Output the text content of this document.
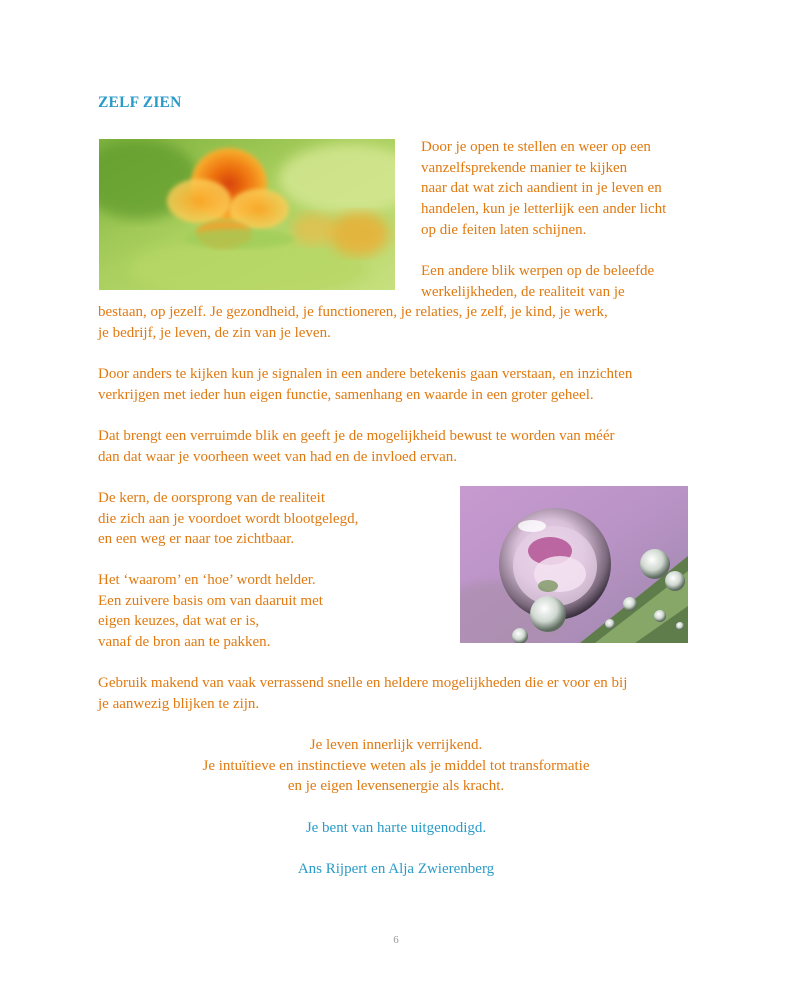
ZELF ZIEN

Door je open te stellen en weer op een
vanzelfsprekende manier te kijken
naar dat wat zich aandient in je leven en
handelen, kun je letterlijk een ander licht
op die feiten laten schijnen.

Een andere blik werpen op de beleefde
werkelijkheden, de realiteit van je

bestaan, op jezelf. Je gezondheid, je functioneren, je relaties, je zelf, je kind, je werk,
je bedrijf, je leven, de zin van je leven.

Door anders te kijken kun je signalen in een andere betekenis gaan verstaan, en inzichten
verkrijgen met ieder hun eigen functie, samenhang en waarde in een groter geheel.

Dat brengt een verruimde blik en geeft je de mogelijkheid bewust te worden van méér
dan dat waar je voorheen weet van had en de invloed ervan.

De kern, de oorsprong van de realiteit
die zich aan je voordoet wordt blootgelegd,
en een weg er naar toe zichtbaar.

Het ‘waarom’ en ‘hoe’ wordt helder.
Een zuivere basis om van daaruit met
eigen keuzes, dat wat er is,
vanaf de bron aan te pakken.

Gebruik makend van vaak verrassend snelle en heldere mogelijkheden die er voor en bij
je aanwezig blijken te zijn.

Je leven innerlijk verrijkend.
Je intuïtieve en instinctieve weten als je middel tot transformatie
en je eigen levensenergie als kracht.

Je bent van harte uitgenodigd.

Ans Rijpert en Alja Zwierenberg

6
